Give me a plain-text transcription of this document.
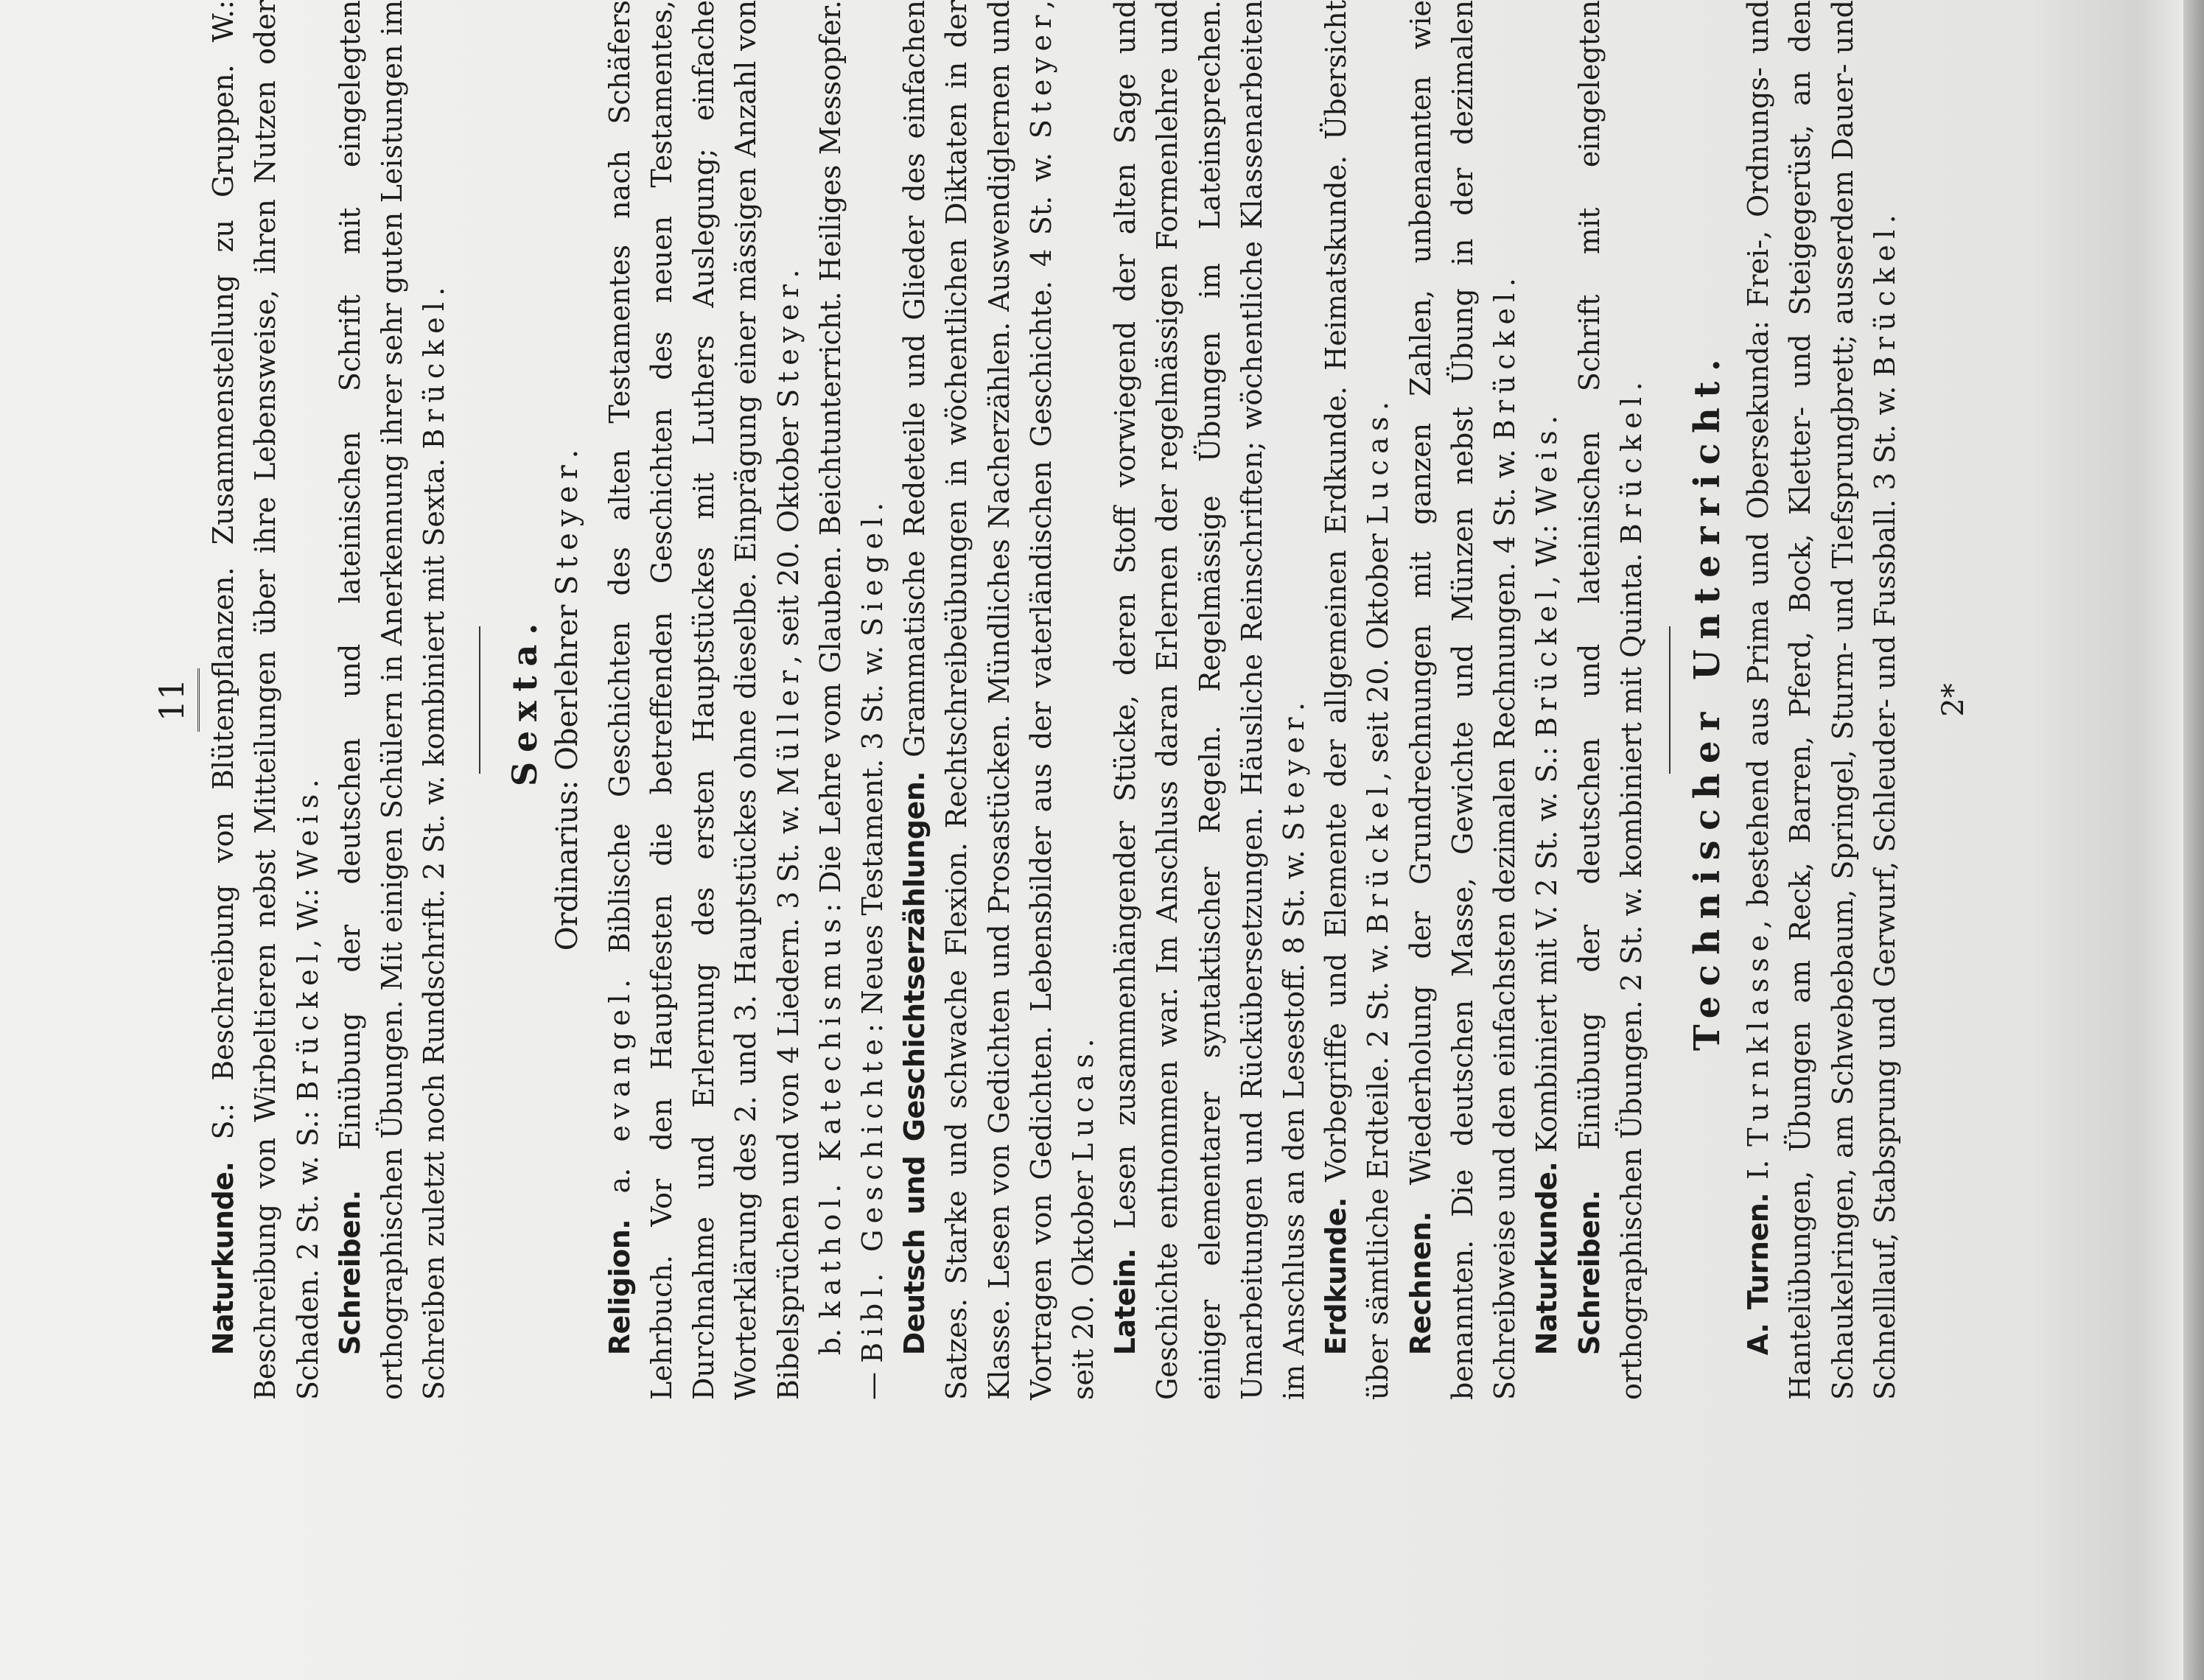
11

Naturkunde. S.: Beschreibung von Blütenpflanzen. Zusammenstellung zu Gruppen. W.: Beschreibung von Wirbeltieren nebst Mitteilungen über ihre Lebensweise, ihren Nutzen oder Schaden. 2 St. w. S.: Brückel, W.: Weis.

Schreiben. Einübung der deutschen und lateinischen Schrift mit eingelegten orthographischen Übungen. Mit einigen Schülern in Anerkennung ihrer sehr guten Leistungen im Schreiben zuletzt noch Rundschrift. 2 St. w. kombiniert mit Sexta. Brückel.

Sexta. Ordinarius: Oberlehrer Steyer.

Religion. a. evangel. Biblische Geschichten des alten Testamentes nach Schäfers Lehrbuch. Vor den Hauptfesten die betreffenden Geschichten des neuen Testamentes, Durchnahme und Erlernung des ersten Hauptstückes mit Luthers Auslegung; einfache Worterklärung des 2. und 3. Hauptstückes ohne dieselbe. Einprägung einer mässigen Anzahl von Bibelsprüchen und von 4 Liedern. 3 St. w. Müller, seit 20. Oktober Steyer.

b. kathol. Katechismus: Die Lehre vom Glauben. Beichtunterricht. Heiliges Messopfer. — Bibl. Geschichte: Neues Testament. 3 St. w. Siegel.

Deutsch und Geschichtserzählungen. Grammatische Redeteile und Glieder des einfachen Satzes. Starke und schwache Flexion. Rechtschreibeübungen in wöchentlichen Diktaten in der Klasse. Lesen von Gedichten und Prosastücken. Mündliches Nacherzählen. Auswendiglernen und Vortragen von Gedichten. Lebensbilder aus der vaterländischen Geschichte. 4 St. w. Steyer, seit 20. Oktober Lucas.

Latein. Lesen zusammenhängender Stücke, deren Stoff vorwiegend der alten Sage und Geschichte entnommen war. Im Anschluss daran Erlernen der regelmässigen Formenlehre und einiger elementarer syntaktischer Regeln. Regelmässige Übungen im Lateinsprechen. Umarbeitungen und Rückübersetzungen. Häusliche Reinschriften; wöchentliche Klassenarbeiten im Anschluss an den Lesestoff. 8 St. w. Steyer.

Erdkunde. Vorbegriffe und Elemente der allgemeinen Erdkunde. Heimatskunde. Übersicht über sämtliche Erdteile. 2 St. w. Brückel, seit 20. Oktober Lucas.

Rechnen. Wiederholung der Grundrechnungen mit ganzen Zahlen, unbenannten wie benannten. Die deutschen Masse, Gewichte und Münzen nebst Übung in der dezimalen Schreibweise und den einfachsten dezimalen Rechnungen. 4 St. w. Brückel.

Naturkunde. Kombiniert mit V. 2 St. w. S.: Brückel, W.: Weis.

Schreiben. Einübung der deutschen und lateinischen Schrift mit eingelegten orthographischen Übungen. 2 St. w. kombiniert mit Quinta. Brückel. Technischer Unterricht.

A. Turnen. I. Turnklasse, bestehend aus Prima und Obersekunda: Frei-, Ordnungs- und Hantelübungen, Übungen am Reck, Barren, Pferd, Bock, Kletter- und Steigegerüst, an den Schaukelringen, am Schwebebaum, Springel, Sturm- und Tiefsprungbrett; ausserdem Dauer- und Schnelllauf, Stabsprung und Gerwurf, Schleuder- und Fussball. 3 St. w. Brückel.

2*
